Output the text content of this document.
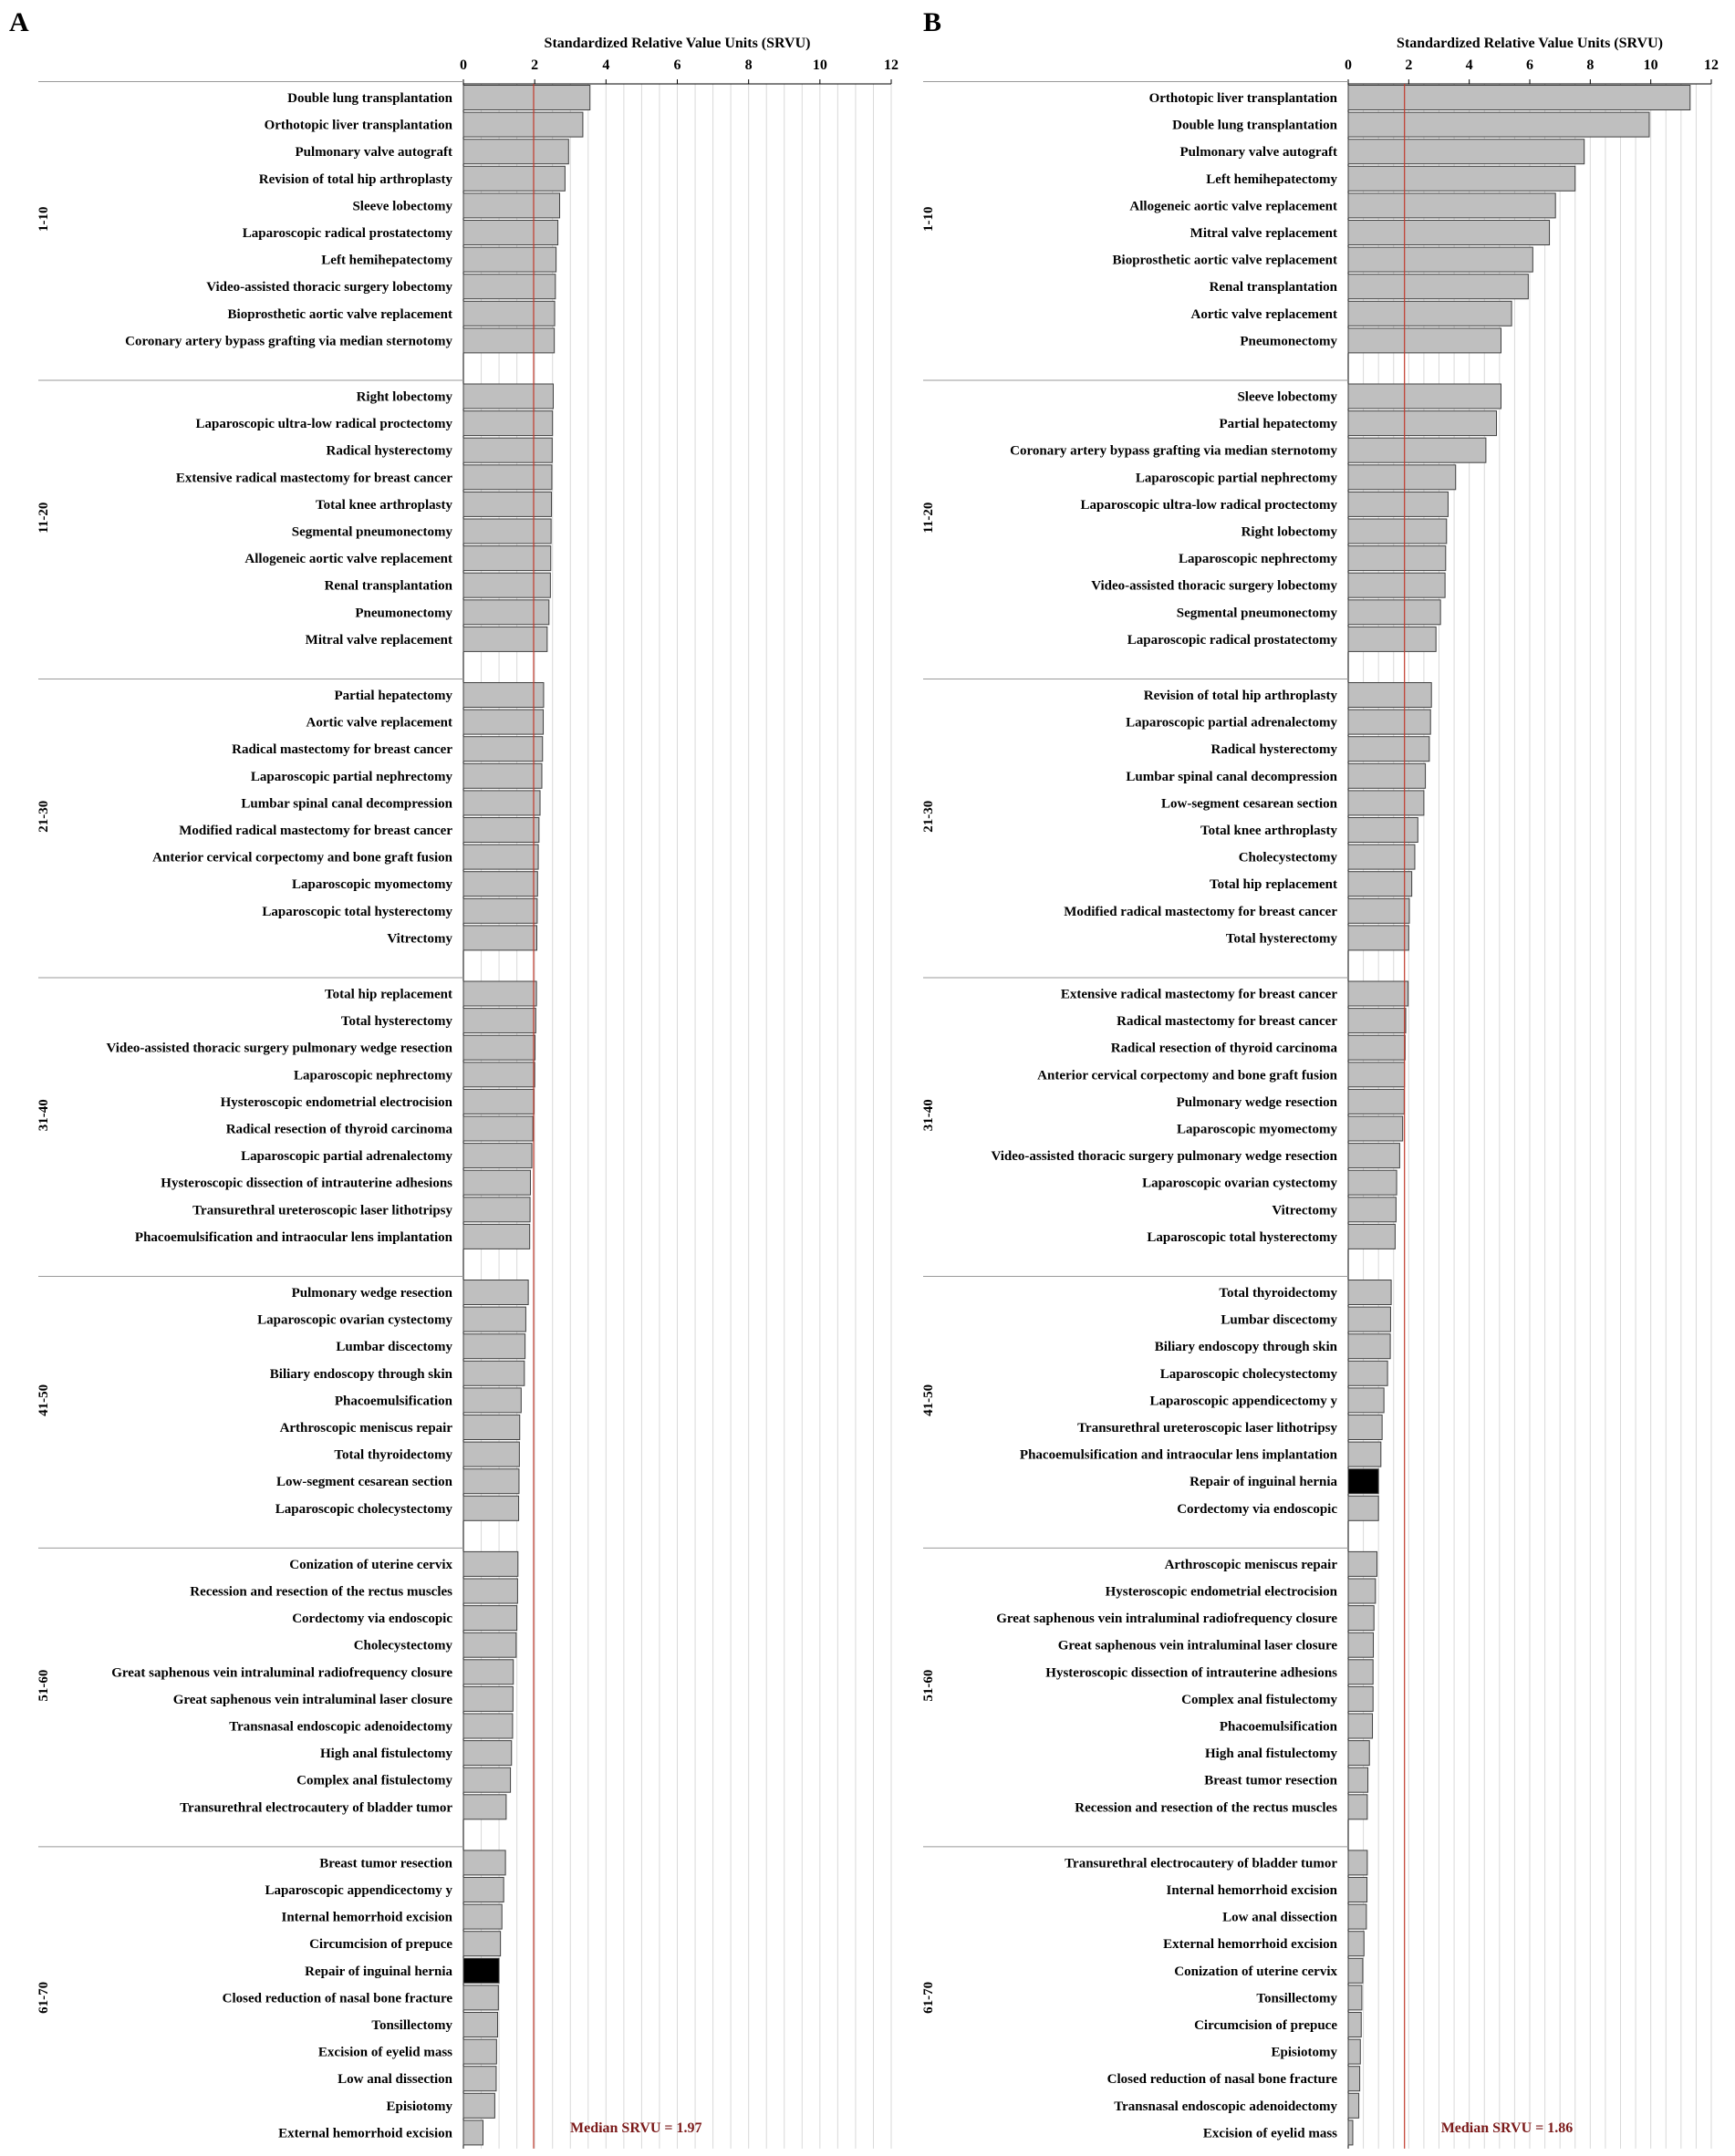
A
Standardized Relative Value Units (SRVU)
0	2	4	6	8	10	12
1-10
11-20
21-30
31-40
41-50
51-60
61-70
Double lung transplantation
Orthotopic liver transplantation
Pulmonary valve autograft
Revision of total hip arthroplasty
Sleeve lobectomy
Laparoscopic radical prostatectomy
Left hemihepatectomy
Video-assisted thoracic surgery lobectomy
Bioprosthetic aortic valve replacement
Coronary artery bypass grafting via median sternotomy
Right lobectomy
Laparoscopic ultra-low radical proctectomy
Radical hysterectomy
Extensive radical mastectomy for breast cancer
Total knee arthroplasty
Segmental pneumonectomy
Allogeneic aortic valve replacement
Renal transplantation
Pneumonectomy
Mitral valve replacement
Partial hepatectomy
Aortic valve replacement
Radical mastectomy for breast cancer
Laparoscopic partial nephrectomy
Lumbar spinal canal decompression
Modified radical mastectomy for breast cancer
Anterior cervical corpectomy and bone graft fusion
Laparoscopic myomectomy
Laparoscopic total hysterectomy
Vitrectomy
Total hip replacement
Total hysterectomy
Video-assisted thoracic surgery pulmonary wedge resection
Laparoscopic nephrectomy
Hysteroscopic endometrial electrocision
Radical resection of thyroid carcinoma
Laparoscopic partial adrenalectomy
Hysteroscopic dissection of intrauterine adhesions
Transurethral ureteroscopic laser lithotripsy
Phacoemulsification and intraocular lens implantation
Pulmonary wedge resection
Laparoscopic ovarian cystectomy
Lumbar discectomy
Biliary endoscopy through skin
Phacoemulsification
Arthroscopic meniscus repair
Total thyroidectomy
Low-segment cesarean section
Laparoscopic cholecystectomy
Conization of uterine cervix
Recession and resection of the rectus muscles
Cordectomy via endoscopic
Cholecystectomy
Great saphenous vein intraluminal radiofrequency closure
Great saphenous vein intraluminal laser closure
Transnasal endoscopic adenoidectomy
High anal fistulectomy
Complex anal fistulectomy
Transurethral electrocautery of bladder tumor
Breast tumor resection
Laparoscopic appendicectomy y
Internal hemorrhoid excision
Circumcision of prepuce
Repair of inguinal hernia
Closed reduction of nasal bone fracture
Tonsillectomy
Excision of eyelid mass
Low anal dissection
Episiotomy
External hemorrhoid excision	Median SRVU = 1.97
B
Standardized Relative Value Units (SRVU)
0	2	4	6	8	10	12
1-10
11-20
21-30
31-40
41-50
51-60
61-70
Orthotopic liver transplantation
Double lung transplantation
Pulmonary valve autograft
Left hemihepatectomy
Allogeneic aortic valve replacement
Mitral valve replacement
Bioprosthetic aortic valve replacement
Renal transplantation
Aortic valve replacement
Pneumonectomy
Sleeve lobectomy
Partial hepatectomy
Coronary artery bypass grafting via median sternotomy
Laparoscopic partial nephrectomy
Laparoscopic ultra-low radical proctectomy
Right lobectomy
Laparoscopic nephrectomy
Video-assisted thoracic surgery lobectomy
Segmental pneumonectomy
Laparoscopic radical prostatectomy
Revision of total hip arthroplasty
Laparoscopic partial adrenalectomy
Radical hysterectomy
Lumbar spinal canal decompression
Low-segment cesarean section
Total knee arthroplasty
Cholecystectomy
Total hip replacement
Modified radical mastectomy for breast cancer
Total hysterectomy
Extensive radical mastectomy for breast cancer
Radical mastectomy for breast cancer
Radical resection of thyroid carcinoma
Anterior cervical corpectomy and bone graft fusion
Pulmonary wedge resection
Laparoscopic myomectomy
Video-assisted thoracic surgery pulmonary wedge resection
Laparoscopic ovarian cystectomy
Vitrectomy
Laparoscopic total hysterectomy
Total thyroidectomy
Lumbar discectomy
Biliary endoscopy through skin
Laparoscopic cholecystectomy
Laparoscopic appendicectomy y
Transurethral ureteroscopic laser lithotripsy
Phacoemulsification and intraocular lens implantation
Repair of inguinal hernia
Cordectomy via endoscopic
Arthroscopic meniscus repair
Hysteroscopic endometrial electrocision
Great saphenous vein intraluminal radiofrequency closure
Great saphenous vein intraluminal laser closure
Hysteroscopic dissection of intrauterine adhesions
Complex anal fistulectomy
Phacoemulsification
High anal fistulectomy
Breast tumor resection
Recession and resection of the rectus muscles
Transurethral electrocautery of bladder tumor
Internal hemorrhoid excision
Low anal dissection
External hemorrhoid excision
Conization of uterine cervix
Tonsillectomy
Circumcision of prepuce
Episiotomy
Closed reduction of nasal bone fracture
Transnasal endoscopic adenoidectomy
Excision of eyelid mass	Median SRVU = 1.86
